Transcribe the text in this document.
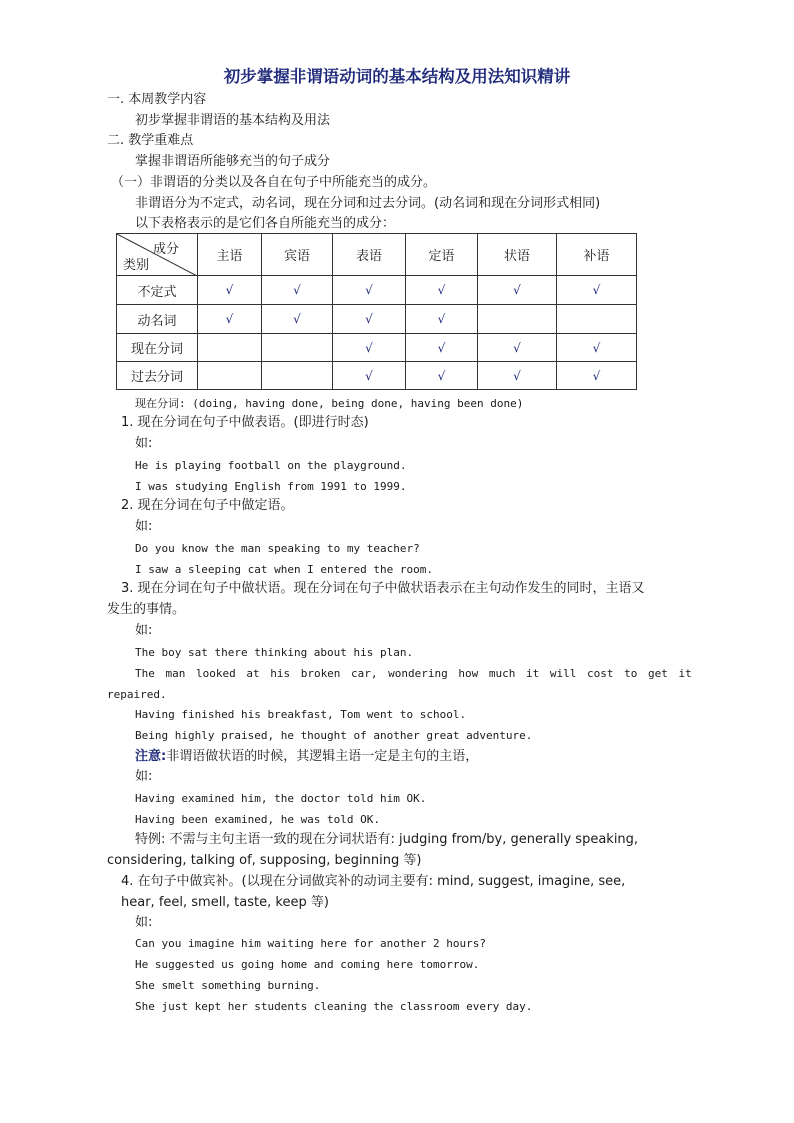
初步掌握非谓语动词的基本结构及用法知识精讲
一. 本周教学内容
初步掌握非谓语的基本结构及用法
二. 教学重难点
掌握非谓语所能够充当的句子成分
（一）非谓语的分类以及各自在句子中所能充当的成分。
非谓语分为不定式，动名词，现在分词和过去分词。(动名词和现在分词形式相同)
以下表格表示的是它们各自所能充当的成分：
成分
类别	主语	宾语	表语	定语	状语	补语
不定式	√	√	√	√	√	√
动名词	√	√	√	√		
现在分词			√	√	√	√
过去分词			√	√	√	√
现在分词: (doing, having done, being done, having been done)
1. 现在分词在句子中做表语。(即进行时态)
如:
He is playing football on the playground.
I was studying English from 1991 to 1999.
2. 现在分词在句子中做定语。
如:
Do you know the man speaking to my teacher?
I saw a sleeping cat when I entered the room.
3. 现在分词在句子中做状语。现在分词在句子中做状语表示在主句动作发生的同时，主语又
发生的事情。
如:
The boy sat there thinking about his plan.
The man looked at his broken car, wondering how much it will cost to get it
repaired.
Having finished his breakfast, Tom went to school.
Being highly praised, he thought of another great adventure.
注意:非谓语做状语的时候，其逻辑主语一定是主句的主语，
如:
Having examined him, the doctor told him OK.
Having been examined, he was told OK.
特例: 不需与主句主语一致的现在分词状语有: judging from/by, generally speaking,
considering, talking of, supposing, beginning 等)
4. 在句子中做宾补。(以现在分词做宾补的动词主要有: mind, suggest, imagine, see,
hear, feel, smell, taste, keep 等)
如:
Can you imagine him waiting here for another 2 hours?
He suggested us going home and coming here tomorrow.
She smelt something burning.
She just kept her students cleaning the classroom every day.
